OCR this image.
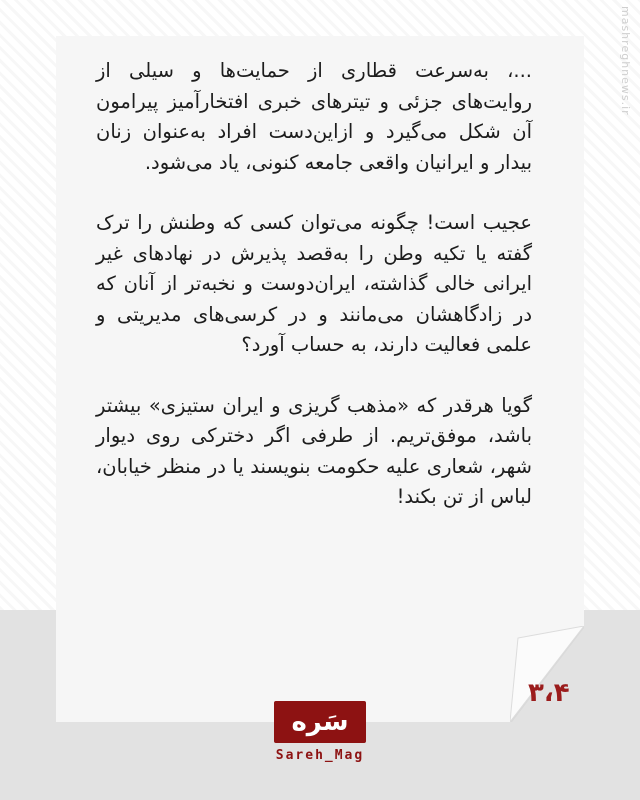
mashreghnews.ir

...، به‌سرعت قطاری از حمایت‌ها و سیلی از روایت‌های جزئی و تیترهای خبری افتخارآمیز پیرامون آن شکل می‌گیرد و ازاین‌دست افراد به‌عنوان زنان بیدار و ایرانیان واقعی جامعه کنونی، یاد می‌شود.

عجیب است! چگونه می‌توان کسی که وطنش را ترک گفته یا تکیه وطن را به‌قصد پذیرش در نهادهای غیر ایرانی خالی گذاشته، ایران‌دوست و نخبه‌تر از آنان که در زادگاهشان می‌مانند و در کرسی‌های مدیریتی و علمی فعالیت دارند، به حساب آورد؟

گویا هرقدر که «مذهب گریزی و ایران ستیزی» بیشتر باشد، موفق‌تریم. از طرفی اگر دخترکی روی دیوار شهر، شعاری علیه حکومت بنویسند یا در منظر خیابان، لباس از تن بکند!

۳،۴
سَره
Sareh_Mag
